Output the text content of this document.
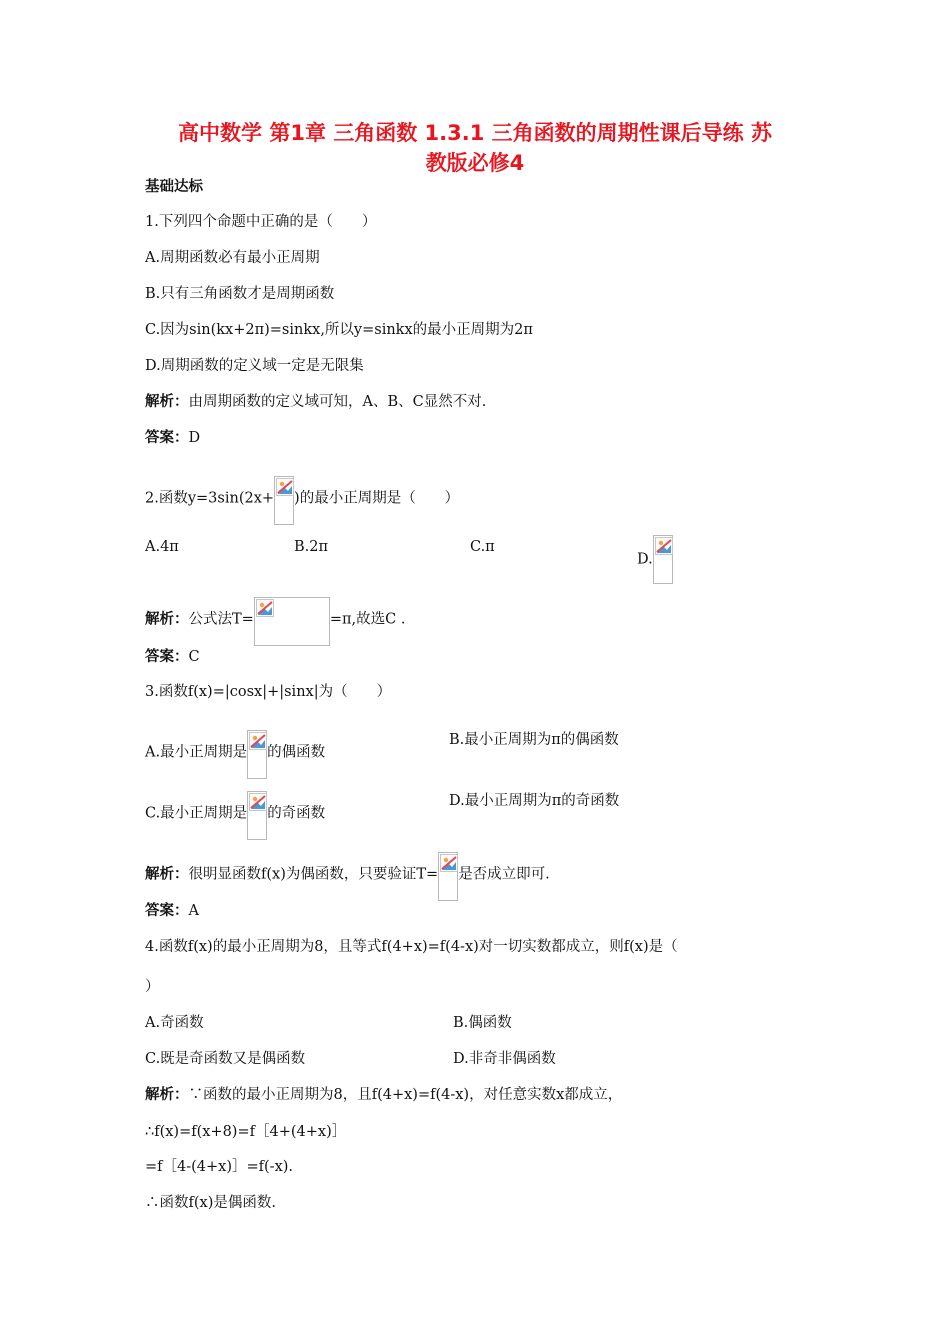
高中数学 第1章 三角函数 1.3.1 三角函数的周期性课后导练 苏
教版必修4
基础达标
1.下列四个命题中正确的是（　　）
A.周期函数必有最小正周期
B.只有三角函数才是周期函数
C.因为sin(kx+2π)=sinkx,所以y=sinkx的最小正周期为2π
D.周期函数的定义域一定是无限集
解析：由周期函数的定义域可知，A、B、C显然不对.
答案：D
2.函数y=3sin(2x+ )的最小正周期是（　　）
A.4π	B.2π	C.π
D.
解析：公式法T=	=π,故选C .
答案：C
3.函数f(x)=|cosx|+|sinx|为（　　）
A.最小正周期是 的偶函数
B.最小正周期为π的偶函数
C.最小正周期是 的奇函数
D.最小正周期为π的奇函数
解析：很明显函数f(x)为偶函数，只要验证T= 是否成立即可.
答案：A
4.函数f(x)的最小正周期为8，且等式f(4+x)=f(4-x)对一切实数都成立，则f(x)是（
）
A.奇函数	B.偶函数
C.既是奇函数又是偶函数	D.非奇非偶函数
解析：∵函数的最小正周期为8，且f(4+x)=f(4-x)，对任意实数x都成立，
∴f(x)=f(x+8)=f［4+(4+x)］
=f［4-(4+x)］=f(-x).
∴函数f(x)是偶函数.
